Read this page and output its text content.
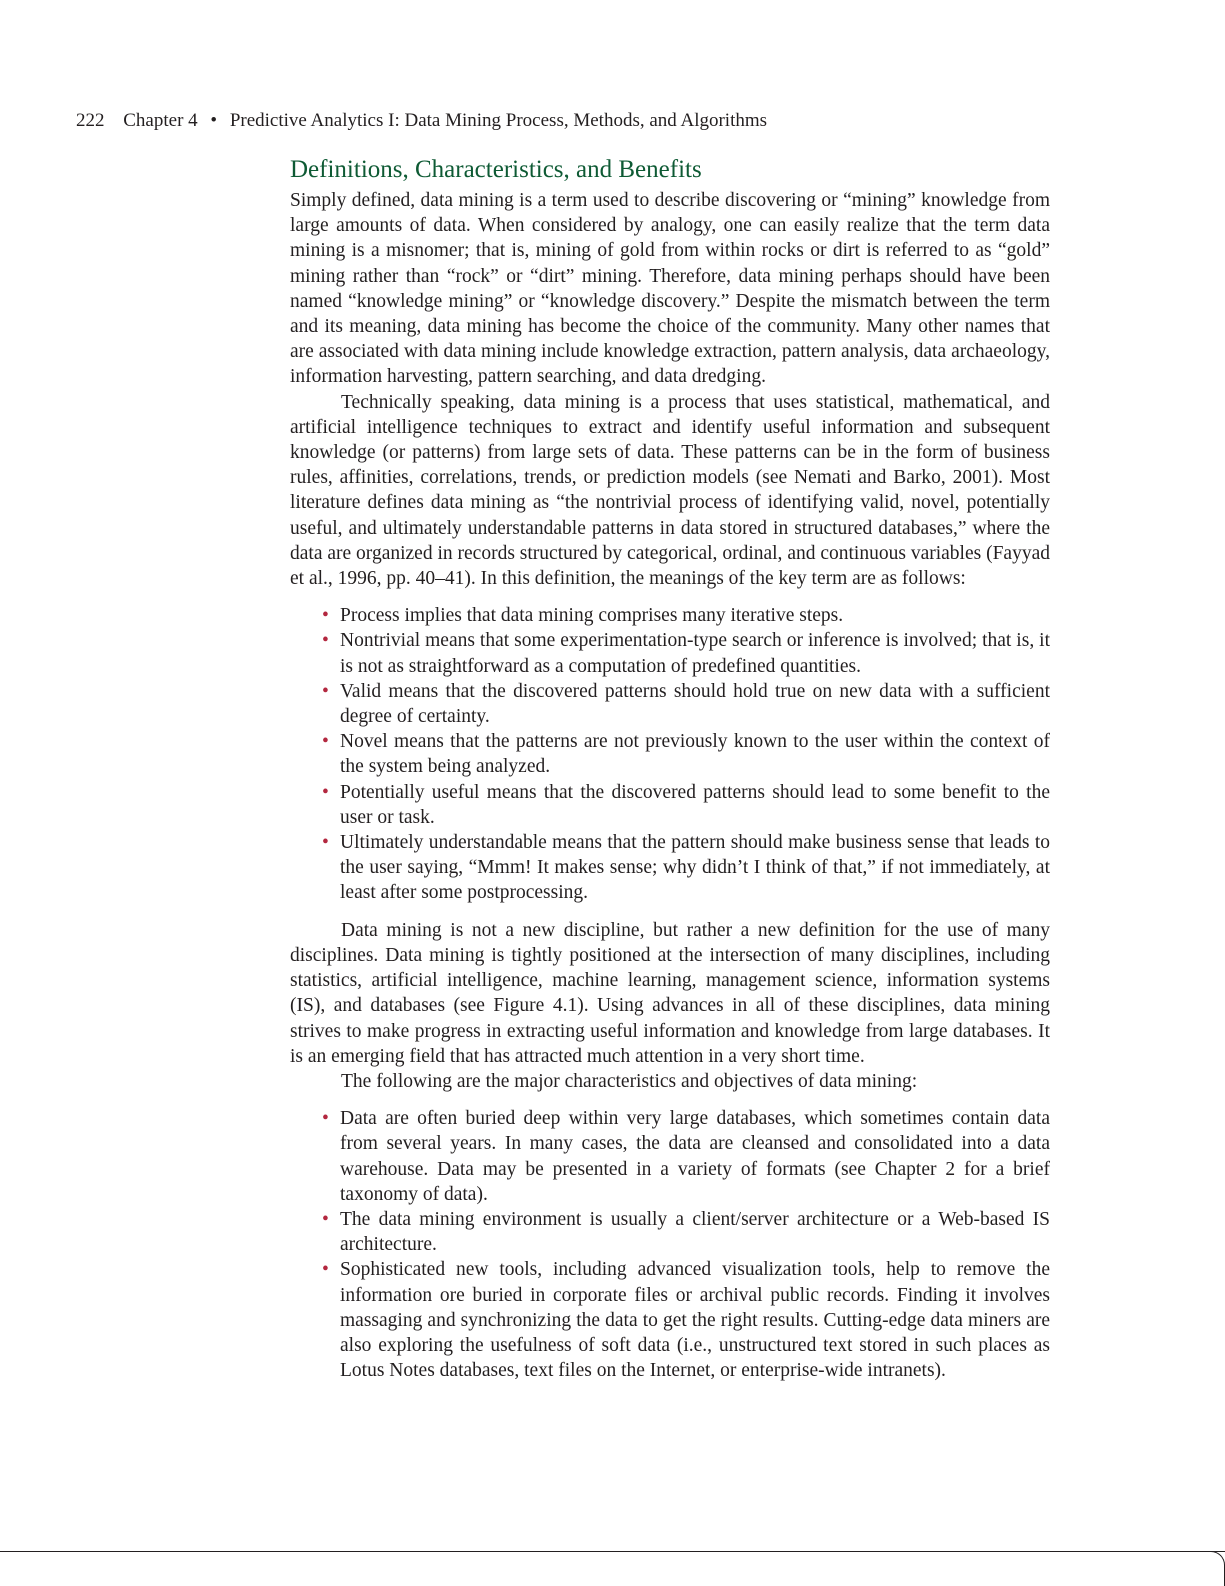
222 Chapter 4 • Predictive Analytics I: Data Mining Process, Methods, and Algorithms
Definitions, Characteristics, and Benefits

Simply defined, data mining is a term used to describe discovering or “mining” knowledge from large amounts of data. When considered by analogy, one can easily realize that the term data mining is a misnomer; that is, mining of gold from within rocks or dirt is referred to as “gold” mining rather than “rock” or “dirt” mining. Therefore, data mining perhaps should have been named “knowledge mining” or “knowledge discovery.” Despite the mismatch between the term and its meaning, data mining has become the choice of the community. Many other names that are associated with data mining include knowledge extraction, pattern analysis, data archaeology, information harvesting, pattern searching, and data dredging.

Technically speaking, data mining is a process that uses statistical, mathematical, and artificial intelligence techniques to extract and identify useful information and subsequent knowledge (or patterns) from large sets of data. These patterns can be in the form of business rules, affinities, correlations, trends, or prediction models (see Nemati and Barko, 2001). Most literature defines data mining as “the nontrivial process of identifying valid, novel, potentially useful, and ultimately understandable patterns in data stored in structured databases,” where the data are organized in records structured by categorical, ordinal, and continuous variables (Fayyad et al., 1996, pp. 40–41). In this definition, the meanings of the key term are as follows:

• Process implies that data mining comprises many iterative steps.
• Nontrivial means that some experimentation-type search or inference is involved; that is, it is not as straightforward as a computation of predefined quantities.
• Valid means that the discovered patterns should hold true on new data with a sufficient degree of certainty.
• Novel means that the patterns are not previously known to the user within the context of the system being analyzed.
• Potentially useful means that the discovered patterns should lead to some benefit to the user or task.
• Ultimately understandable means that the pattern should make business sense that leads to the user saying, “Mmm! It makes sense; why didn’t I think of that,” if not immediately, at least after some postprocessing.

Data mining is not a new discipline, but rather a new definition for the use of many disciplines. Data mining is tightly positioned at the intersection of many disciplines, including statistics, artificial intelligence, machine learning, management science, information systems (IS), and databases (see Figure 4.1). Using advances in all of these disciplines, data mining strives to make progress in extracting useful information and knowledge from large databases. It is an emerging field that has attracted much attention in a very short time.

The following are the major characteristics and objectives of data mining:

• Data are often buried deep within very large databases, which sometimes contain data from several years. In many cases, the data are cleansed and consolidated into a data warehouse. Data may be presented in a variety of formats (see Chapter 2 for a brief taxonomy of data).
• The data mining environment is usually a client/server architecture or a Web-based IS architecture.
• Sophisticated new tools, including advanced visualization tools, help to remove the information ore buried in corporate files or archival public records. Finding it involves massaging and synchronizing the data to get the right results. Cutting-edge data miners are also exploring the usefulness of soft data (i.e., unstructured text stored in such places as Lotus Notes databases, text files on the Internet, or enterprise-wide intranets).
